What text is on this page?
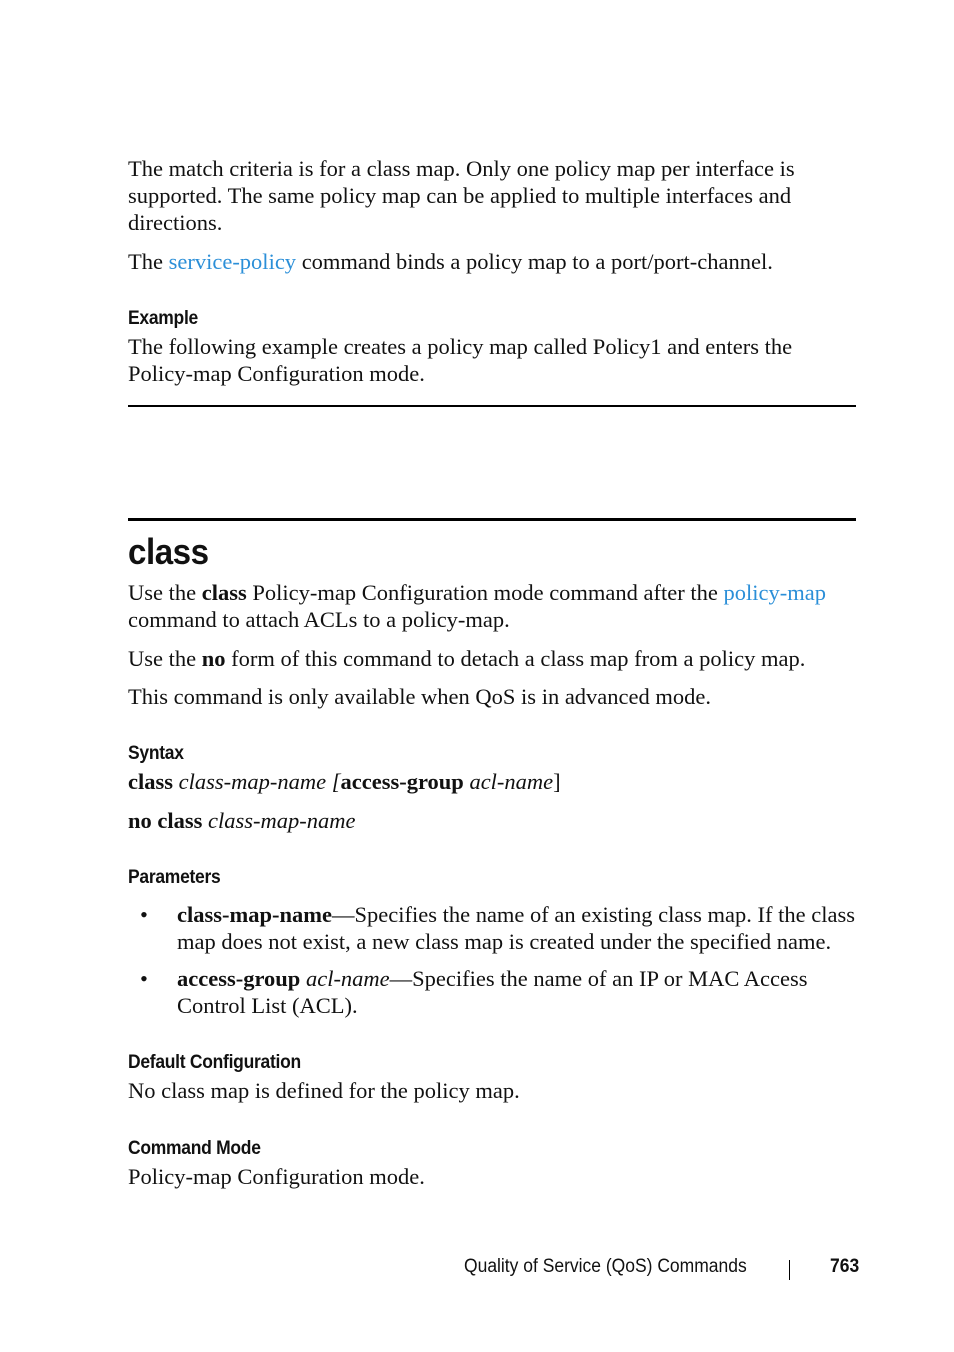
The match criteria is for a class map. Only one policy map per interface is supported. The same policy map can be applied to multiple interfaces and directions.

The service-policy command binds a policy map to a port/port-channel.

Example

The following example creates a policy map called Policy1 and enters the Policy-map Configuration mode.

class

Use the class Policy-map Configuration mode command after the policy-map command to attach ACLs to a policy-map.

Use the no form of this command to detach a class map from a policy map.

This command is only available when QoS is in advanced mode.

Syntax

class class-map-name [access-group acl-name]

no class class-map-name

Parameters
• class-map-name—Specifies the name of an existing class map. If the class map does not exist, a new class map is created under the specified name.

• access-group acl-name—Specifies the name of an IP or MAC Access Control List (ACL).

Default Configuration

No class map is defined for the policy map.

Command Mode

Policy-map Configuration mode.

Quality of Service (QoS) Commands	763
